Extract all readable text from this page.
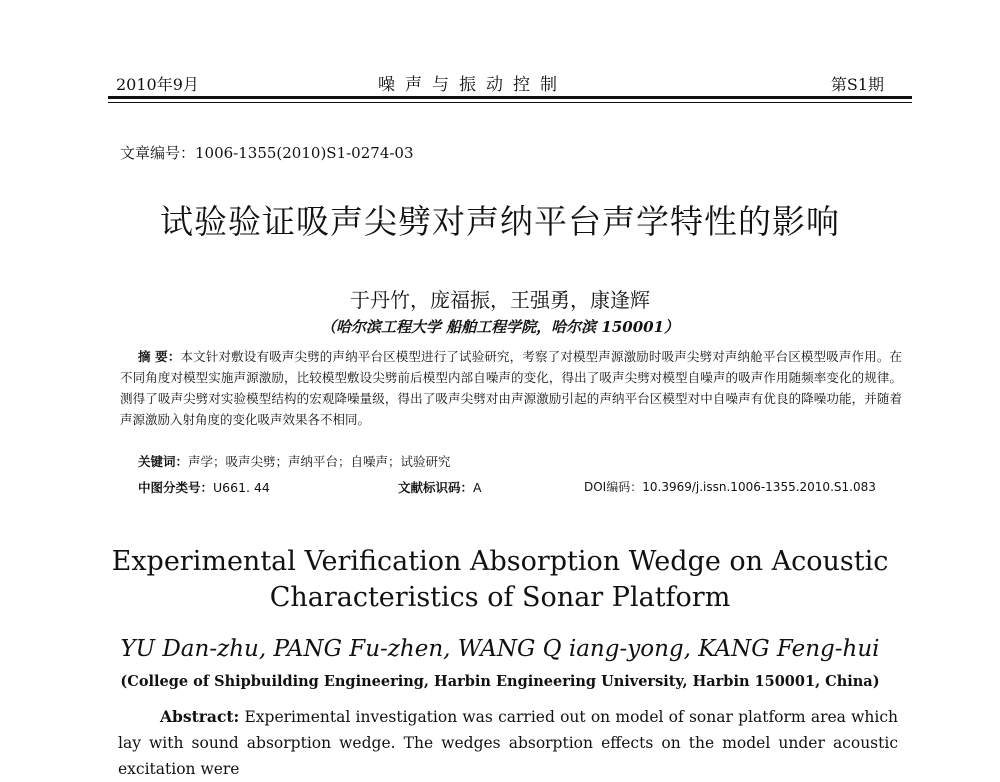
2010年9月	噪声与振动控制	第S1期
文章编号：1006-1355(2010)S1-0274-03
试验验证吸声尖劈对声纳平台声学特性的影响
于丹竹，庞福振，王强勇，康逢辉
（哈尔滨工程大学 船舶工程学院，哈尔滨 150001）
摘 要：本文针对敷设有吸声尖劈的声纳平台区模型进行了试验研究，考察了对模型声源激励时吸声尖劈对声纳舱平台区模型吸声作用。在不同角度对模型实施声源激励，比较模型敷设尖劈前后模型内部自噪声的变化，得出了吸声尖劈对模型自噪声的吸声作用随频率变化的规律。测得了吸声尖劈对实验模型结构的宏观降噪量级，得出了吸声尖劈对由声源激励引起的声纳平台区模型对中自噪声有优良的降噪功能，并随着声源激励入射角度的变化吸声效果各不相同。
关键词：声学；吸声尖劈；声纳平台；自噪声；试验研究
中图分类号：U661. 44	文献标识码：A	DOI编码：10.3969/j.issn.1006-1355.2010.S1.083
Experimental Verification Absorption Wedge on Acoustic
Characteristics of Sonar Platform
YU Dan-zhu, PANG Fu-zhen, WANG Q iang-yong, KANG Feng-hui
(College of Shipbuilding Engineering, Harbin Engineering University, Harbin 150001, China)
Abstract: Experimental investigation was carried out on model of sonar platform area which lay with sound absorption wedge. The wedges absorption effects on the model under acoustic excitation were
